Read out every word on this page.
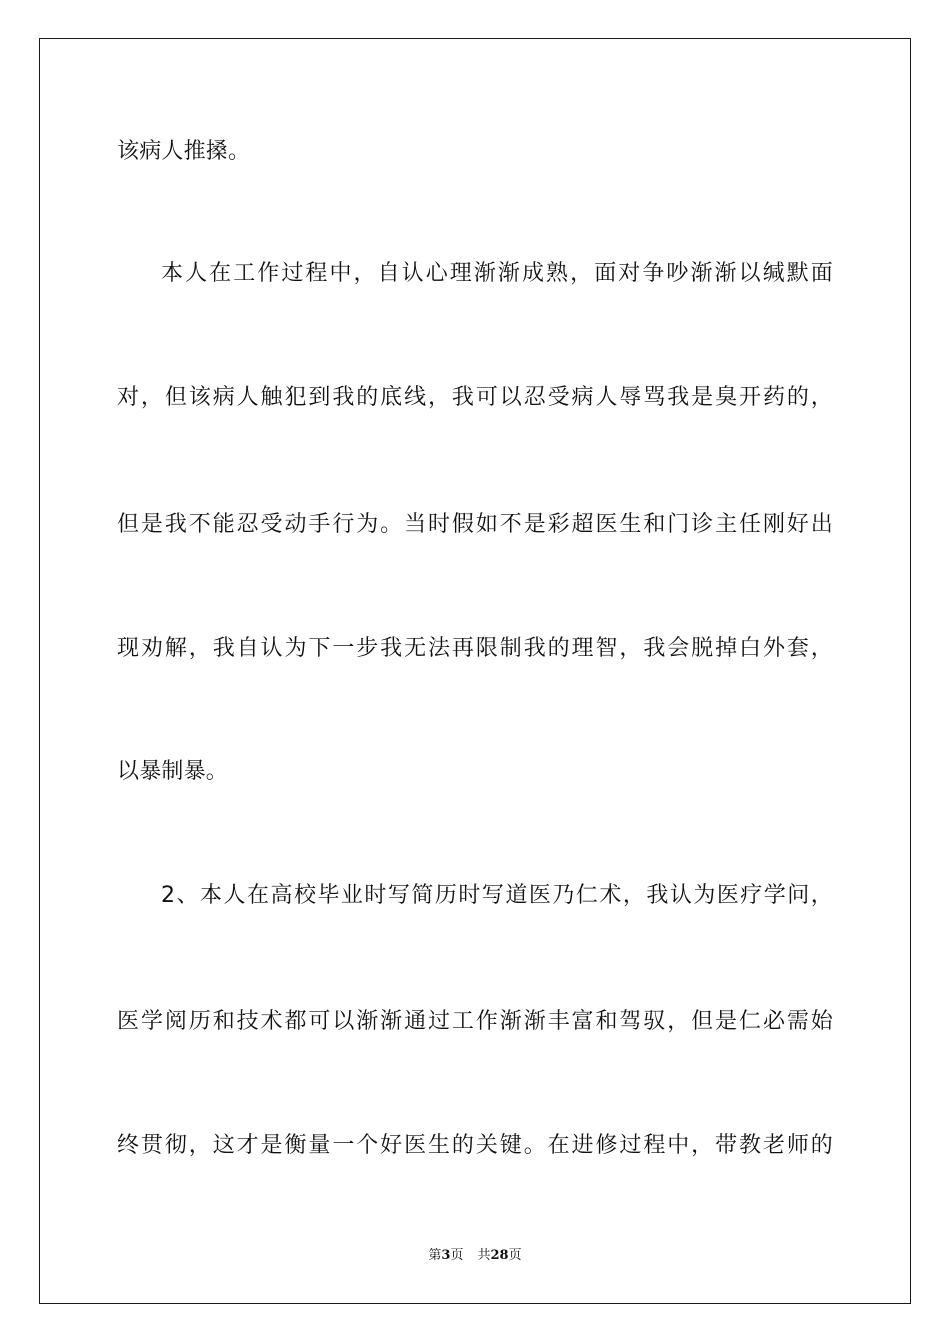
该病人推搡。
本人在工作过程中，自认心理渐渐成熟，面对争吵渐渐以缄默面
对，但该病人触犯到我的底线，我可以忍受病人辱骂我是臭开药的，
但是我不能忍受动手行为。当时假如不是彩超医生和门诊主任刚好出
现劝解，我自认为下一步我无法再限制我的理智，我会脱掉白外套，
以暴制暴。
2、本人在高校毕业时写简历时写道医乃仁术，我认为医疗学问，
医学阅历和技术都可以渐渐通过工作渐渐丰富和驾驭，但是仁必需始
终贯彻，这才是衡量一个好医生的关键。在进修过程中，带教老师的
第3页 共28页
